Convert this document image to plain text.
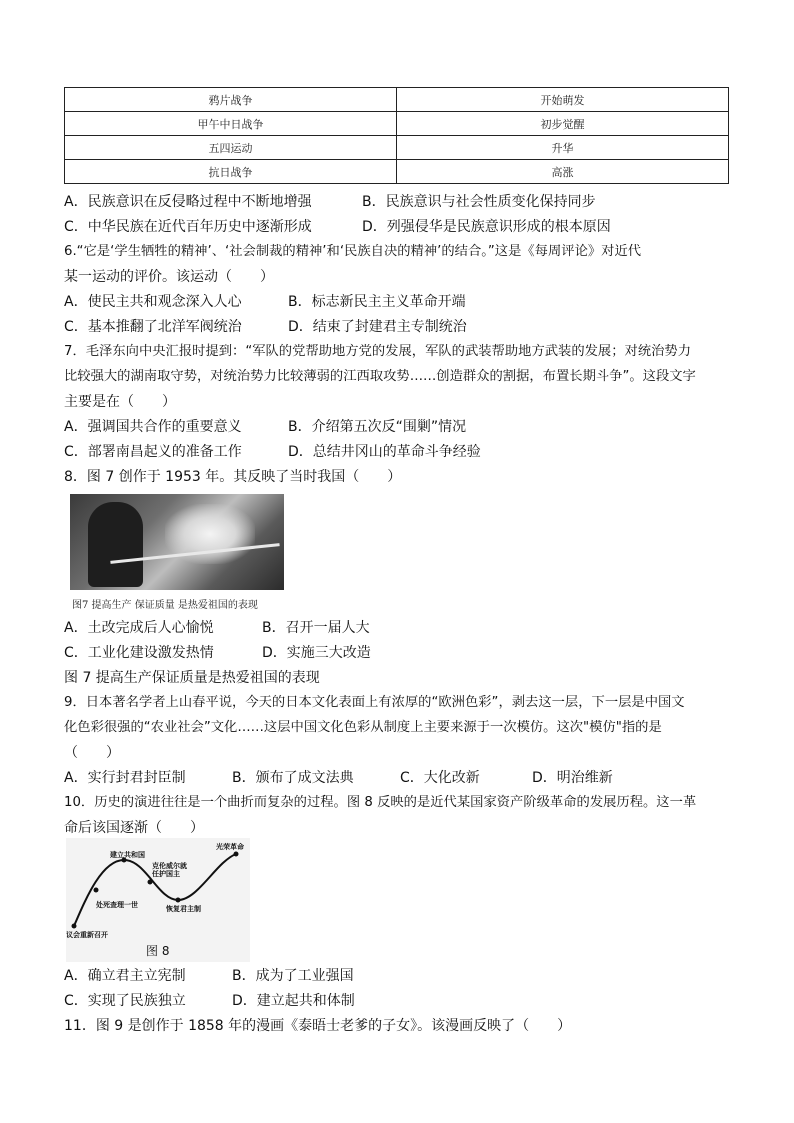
鸦片战争	开始萌发
甲午中日战争	初步觉醒
五四运动	升华
抗日战争	高涨
A．民族意识在反侵略过程中不断地增强	B．民族意识与社会性质变化保持同步
C．中华民族在近代百年历史中逐渐形成	D．列强侵华是民族意识形成的根本原因
6.“它是‘学生牺牲的精神’、‘社会制裁的精神’和‘民族自决的精神’的结合。”这是《每周评论》对近代
某一运动的评价。该运动（　　）
A．使民主共和观念深入人心	B．标志新民主主义革命开端
C．基本推翻了北洋军阀统治	D．结束了封建君主专制统治
7．毛泽东向中央汇报时提到：“军队的党帮助地方党的发展，军队的武装帮助地方武装的发展；对统治势力
比较强大的湖南取守势，对统治势力比较薄弱的江西取攻势……创造群众的割据，布置长期斗争”。这段文字
主要是在（　　）
A．强调国共合作的重要意义	B．介绍第五次反“围剿”情况
C．部署南昌起义的准备工作	D．总结井冈山的革命斗争经验
8．图 7 创作于 1953 年。其反映了当时我国（　　）
图7 提高生产 保证质量 是热爱祖国的表现
A．土改完成后人心愉悦	B．召开一届人大
C．工业化建设激发热情	D．实施三大改造
图 7 提高生产保证质量是热爱祖国的表现
9．日本著名学者上山春平说，今天的日本文化表面上有浓厚的“欧洲色彩”，剥去这一层，下一层是中国文
化色彩很强的“农业社会”文化……这层中国文化色彩从制度上主要来源于一次模仿。这次"模仿"指的是
（　　）
A．实行封君封臣制	B．颁布了成文法典	C．大化改新	D．明治维新
10．历史的演进往往是一个曲折而复杂的过程。图 8 反映的是近代某国家资产阶级革命的发展历程。这一革
命后该国逐渐（　　）
建立共和国
克伦威尔就任护国主
光荣革命
处死查理一世	恢复君主制
议会重新召开
图 8
A．确立君主立宪制	B．成为了工业强国
C．实现了民族独立	D．建立起共和体制
11．图 9 是创作于 1858 年的漫画《泰晤士老爹的子女》。该漫画反映了（　　）
